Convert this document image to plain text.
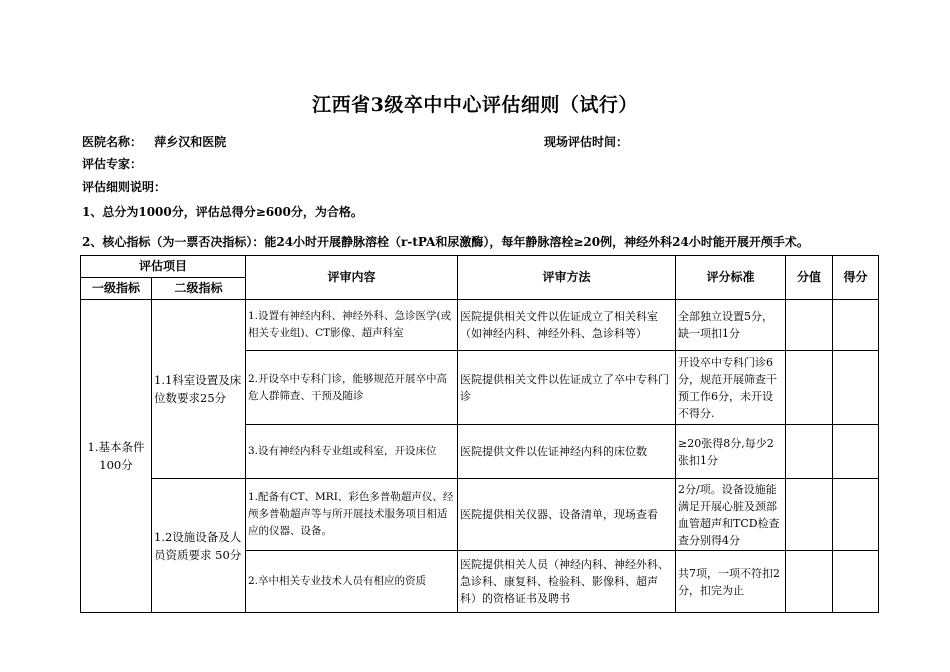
江西省3级卒中中心评估细则（试行）
医院名称： 萍乡汉和医院	现场评估时间：
评估专家：
评估细则说明：
1、总分为1000分，评估总得分≥600分，为合格。
2、核心指标（为一票否决指标）：能24小时开展静脉溶栓（r-tPA和尿激酶），每年静脉溶栓≥20例，神经外科24小时能开展开颅手术。
评估项目		评审内容	评审方法	评分标准	分值	得分
一级指标	二级指标					
1.基本条件100分	1.1科室设置及床位数要求25分	1.设置有神经内科、神经外科、急诊医学(或相关专业组)、CT影像、超声科室	医院提供相关文件以佐证成立了相关科室（如神经内科、神经外科、急诊科等）	全部独立设置5分，缺一项扣1分		
		2.开设卒中专科门诊，能够规范开展卒中高危人群筛查、干预及随诊	医院提供相关文件以佐证成立了卒中专科门诊	开设卒中专科门诊6分，规范开展筛查干预工作6分，未开设不得分.		
		3.设有神经内科专业组或科室，开设床位	医院提供文件以佐证神经内科的床位数	≥20张得8分,每少2张扣1分		
	1.2设施设备及人员资质要求 50分	1.配备有CT、MRI、彩色多普勒超声仪、经颅多普勒超声等与所开展技术服务项目相适应的仪器、设备。	医院提供相关仪器、设备清单，现场查看	2分/项。设备设施能满足开展心脏及颈部血管超声和TCD检查查分别得4分		
		2.卒中相关专业技术人员有相应的资质	医院提供相关人员（神经内科、神经外科、急诊科、康复科、检验科、影像科、超声科）的资格证书及聘书	共7项，一项不符扣2分，扣完为止		
